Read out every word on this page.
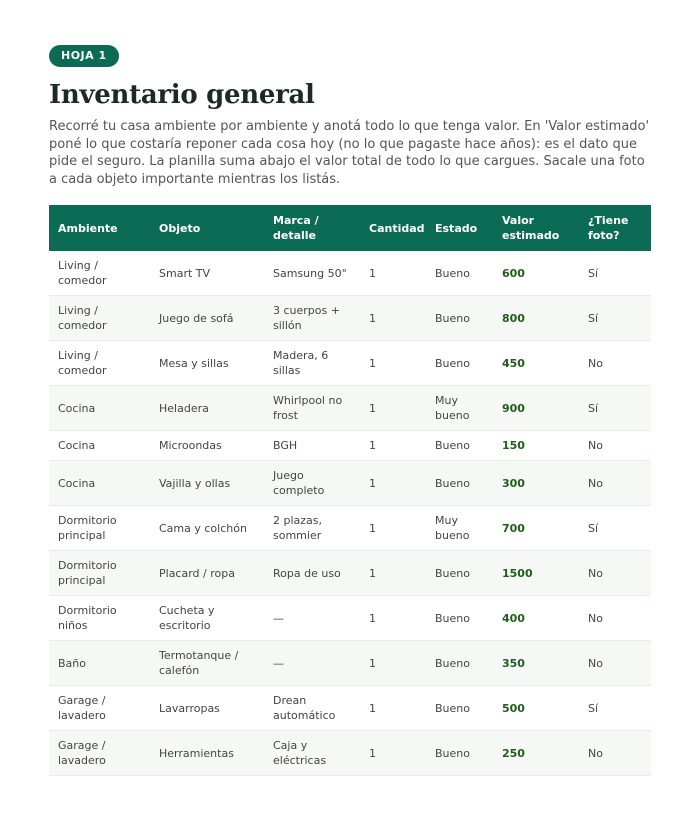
HOJA 1
Inventario general

Recorré tu casa ambiente por ambiente y anotá todo lo que tenga valor. En 'Valor estimado' poné lo que costaría reponer cada cosa hoy (no lo que pagaste hace años): es el dato que pide el seguro. La planilla suma abajo el valor total de todo lo que cargues. Sacale una foto a cada objeto importante mientras los listás.

Ambiente	Objeto	Marca / detalle	Cantidad	Estado	Valor estimado	¿Tiene foto?
Living / comedor	Smart TV	Samsung 50"	1	Bueno	600	Sí
Living / comedor	Juego de sofá	3 cuerpos + sillón	1	Bueno	800	Sí
Living / comedor	Mesa y sillas	Madera, 6 sillas	1	Bueno	450	No
Cocina	Heladera	Whirlpool no frost	1	Muy bueno	900	Sí
Cocina	Microondas	BGH	1	Bueno	150	No
Cocina	Vajilla y ollas	Juego completo	1	Bueno	300	No
Dormitorio principal	Cama y colchón	2 plazas, sommier	1	Muy bueno	700	Sí
Dormitorio principal	Placard / ropa	Ropa de uso	1	Bueno	1500	No
Dormitorio niños	Cucheta y escritorio	—	1	Bueno	400	No
Baño	Termotanque / calefón	—	1	Bueno	350	No
Garage / lavadero	Lavarropas	Drean automático	1	Bueno	500	Sí
Garage / lavadero	Herramientas	Caja y eléctricas	1	Bueno	250	No
